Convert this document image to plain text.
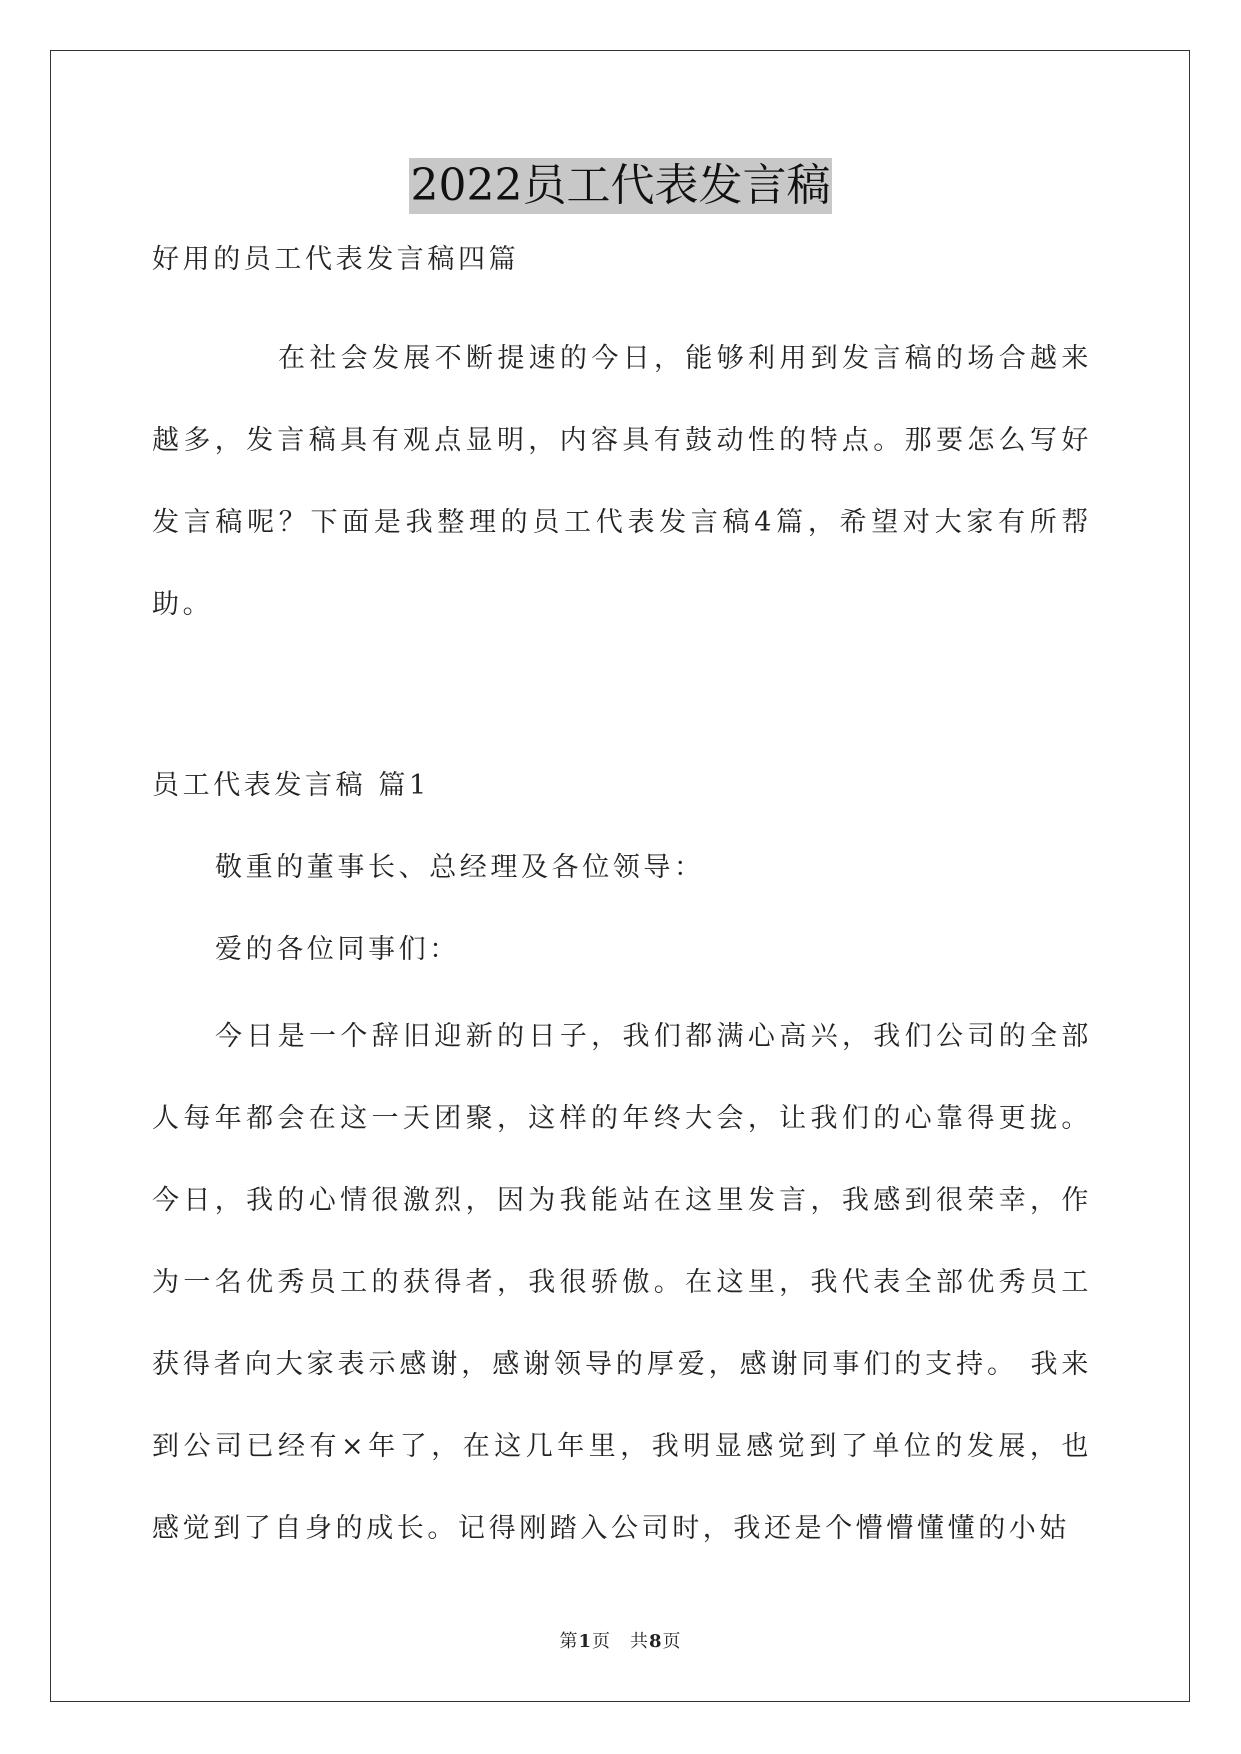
2022员工代表发言稿

好用的员工代表发言稿四篇

在社会发展不断提速的今日，能够利用到发言稿的场合越来越多，发言稿具有观点显明，内容具有鼓动性的特点。那要怎么写好发言稿呢？下面是我整理的员工代表发言稿4篇，希望对大家有所帮助。

员工代表发言稿 篇1

敬重的董事长、总经理及各位领导：

爱的各位同事们：

今日是一个辞旧迎新的日子，我们都满心高兴，我们公司的全部人每年都会在这一天团聚，这样的年终大会，让我们的心靠得更拢。今日，我的心情很激烈，因为我能站在这里发言，我感到很荣幸，作为一名优秀员工的获得者，我很骄傲。在这里，我代表全部优秀员工获得者向大家表示感谢，感谢领导的厚爱，感谢同事们的支持。 我来到公司已经有×年了，在这几年里，我明显感觉到了单位的发展，也感觉到了自身的成长。记得刚踏入公司时，我还是个懵懵懂懂的小姑

第1页　共8页
